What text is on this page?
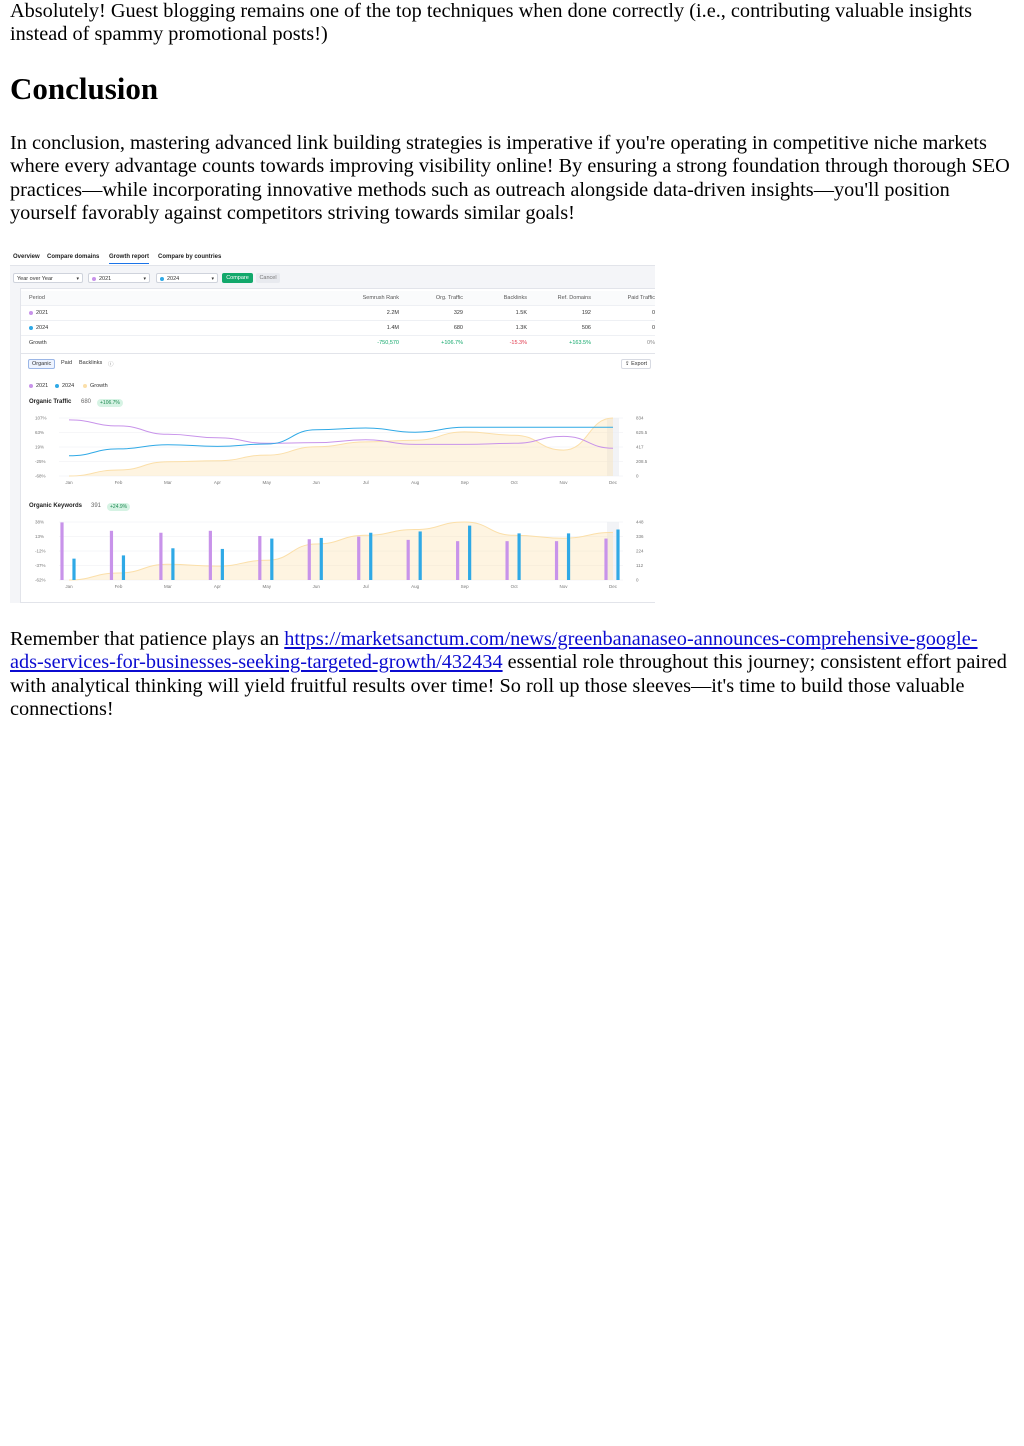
Absolutely! Guest blogging remains one of the top techniques when done correctly (i.e., contributing valuable insights instead of spammy promotional posts!)

Conclusion

In conclusion, mastering advanced link building strategies is imperative if you're operating in competitive niche markets where every advantage counts towards improving visibility online! By ensuring a strong foundation through thorough SEO practices—while incorporating innovative methods such as outreach alongside data-driven insights—you'll position yourself favorably against competitors striving towards similar goals!

Overview Compare domains Growth report Compare by countries
Year over Year	▾	2021	▾	2024	▾	Compare	Cancel
Period	Semrush Rank	Org. Traffic	Backlinks	Ref. Domains	Paid Traffic
2021	2.2M	329	1.5K	192	0
2024	1.4M	680	1.3K	506	0
Growth	-750,570	+106.7%	-15.3%	+163.5%	0%
Organic	Paid	Backlinks	ⓘ	⇪ Export
2021	2024	Growth
Organic Traffic 680	+106.7%
107%
63%
19%
-25%
-68%
834
625.5
417
208.5
0
Jan	Feb	Mar	Apr	May	Jun	Jul	Aug	Sep	Oct	Nov	Dec
Organic Keywords 391	+24.9%
38%
13%
-12%
-37%
-62%
448
336
224
112
0
Jan	Feb	Mar	Apr	May	Jun	Jul	Aug	Sep	Oct	Nov	Dec

Remember that patience plays an https://marketsanctum.com/news/greenbananaseo-announces-comprehensive-google-ads-services-for-businesses-seeking-targeted-growth/432434 essential role throughout this journey; consistent effort paired with analytical thinking will yield fruitful results over time! So roll up those sleeves—it's time to build those valuable connections!
